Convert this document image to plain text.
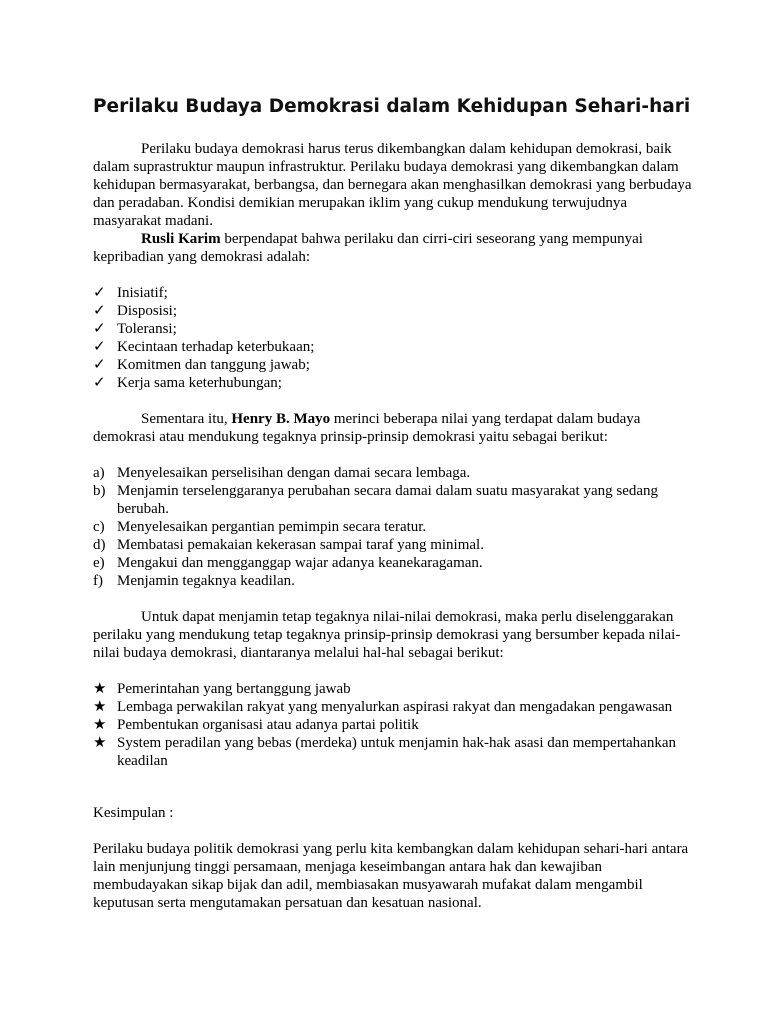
Perilaku Budaya Demokrasi dalam Kehidupan Sehari-hari

Perilaku budaya demokrasi harus terus dikembangkan dalam kehidupan demokrasi, baik dalam suprastruktur maupun infrastruktur. Perilaku budaya demokrasi yang dikembangkan dalam kehidupan bermasyarakat, berbangsa, dan bernegara akan menghasilkan demokrasi yang berbudaya dan peradaban. Kondisi demikian merupakan iklim yang cukup mendukung terwujudnya masyarakat madani.

Rusli Karim berpendapat bahwa perilaku dan cirri-ciri seseorang yang mempunyai kepribadian yang demokrasi adalah:

✓ Inisiatif;
✓ Disposisi;
✓ Toleransi;
✓ Kecintaan terhadap keterbukaan;
✓ Komitmen dan tanggung jawab;
✓ Kerja sama keterhubungan;

Sementara itu, Henry B. Mayo merinci beberapa nilai yang terdapat dalam budaya demokrasi atau mendukung tegaknya prinsip-prinsip demokrasi yaitu sebagai berikut:

a) Menyelesaikan perselisihan dengan damai secara lembaga.
b) Menjamin terselenggaranya perubahan secara damai dalam suatu masyarakat yang sedang berubah.
c) Menyelesaikan pergantian pemimpin secara teratur.
d) Membatasi pemakaian kekerasan sampai taraf yang minimal.
e) Mengakui dan mengganggap wajar adanya keanekaragaman.
f) Menjamin tegaknya keadilan.

Untuk dapat menjamin tetap tegaknya nilai-nilai demokrasi, maka perlu diselenggarakan perilaku yang mendukung tetap tegaknya prinsip-prinsip demokrasi yang bersumber kepada nilai-nilai budaya demokrasi, diantaranya melalui hal-hal sebagai berikut:

★ Pemerintahan yang bertanggung jawab
★ Lembaga perwakilan rakyat yang menyalurkan aspirasi rakyat dan mengadakan pengawasan
★ Pembentukan organisasi atau adanya partai politik
★ System peradilan yang bebas (merdeka) untuk menjamin hak-hak asasi dan mempertahankan keadilan

Kesimpulan :

Perilaku budaya politik demokrasi yang perlu kita kembangkan dalam kehidupan sehari-hari antara lain menjunjung tinggi persamaan, menjaga keseimbangan antara hak dan kewajiban membudayakan sikap bijak dan adil, membiasakan musyawarah mufakat dalam mengambil keputusan serta mengutamakan persatuan dan kesatuan nasional.
